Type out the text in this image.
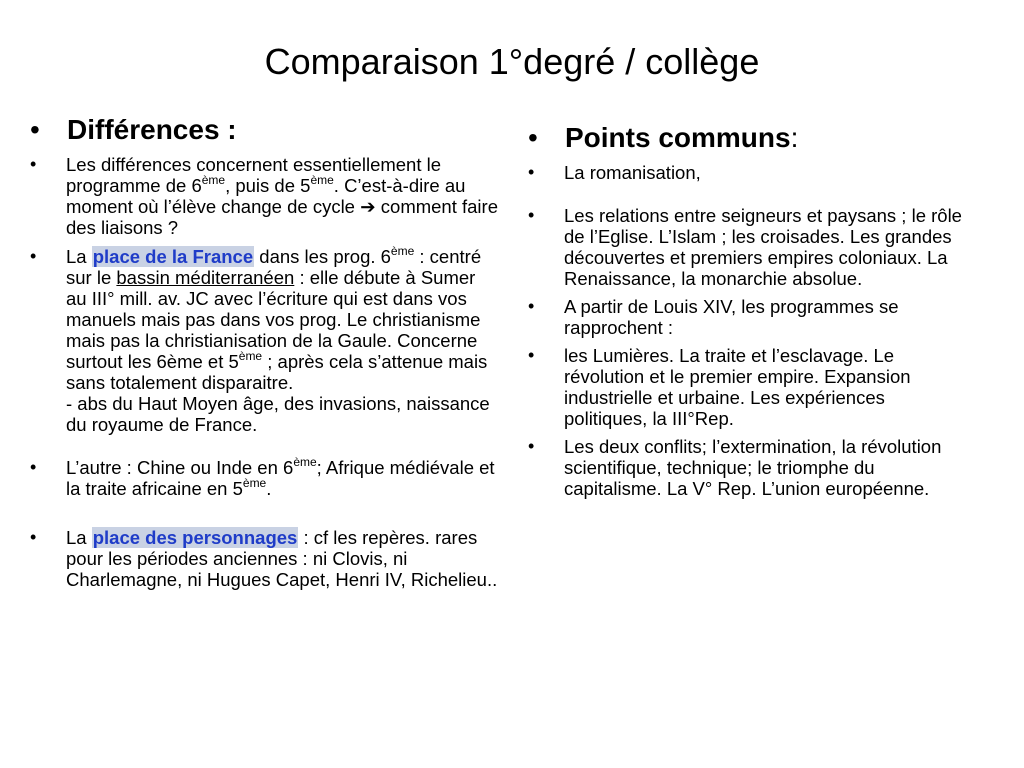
Comparaison 1°degré / collège
• Différences :
• Les différences concernent essentiellement le programme de 6ème, puis de 5ème. C’est-à-dire au moment où l’élève change de cycle ➔ comment faire des liaisons ?
• La place de la France dans les prog. 6ème : centré sur le bassin méditerranéen : elle débute à Sumer au III° mill. av. JC avec l’écriture qui est dans vos manuels mais pas dans vos prog. Le christianisme mais pas la christianisation de la Gaule. Concerne surtout les 6ème et 5ème ; après cela s’attenue mais sans totalement disparaitre.
- abs du Haut Moyen âge, des invasions, naissance du royaume de France.
• L’autre : Chine ou Inde en 6ème; Afrique médiévale et la traite africaine en 5ème.
• La place des personnages : cf les repères. rares pour les périodes anciennes : ni Clovis, ni Charlemagne, ni Hugues Capet, Henri IV, Richelieu..
• Points communs:
• La romanisation,
• Les relations entre seigneurs et paysans ; le rôle de l’Eglise. L’Islam ; les croisades. Les grandes découvertes et premiers empires coloniaux. La Renaissance, la monarchie absolue.
• A partir de Louis XIV, les programmes se rapprochent :
• les Lumières. La traite et l’esclavage. Le révolution et le premier empire. Expansion industrielle et urbaine. Les expériences politiques, la III°Rep.
• Les deux conflits; l’extermination, la révolution scientifique, technique; le triomphe du capitalisme. La V° Rep. L’union européenne.
